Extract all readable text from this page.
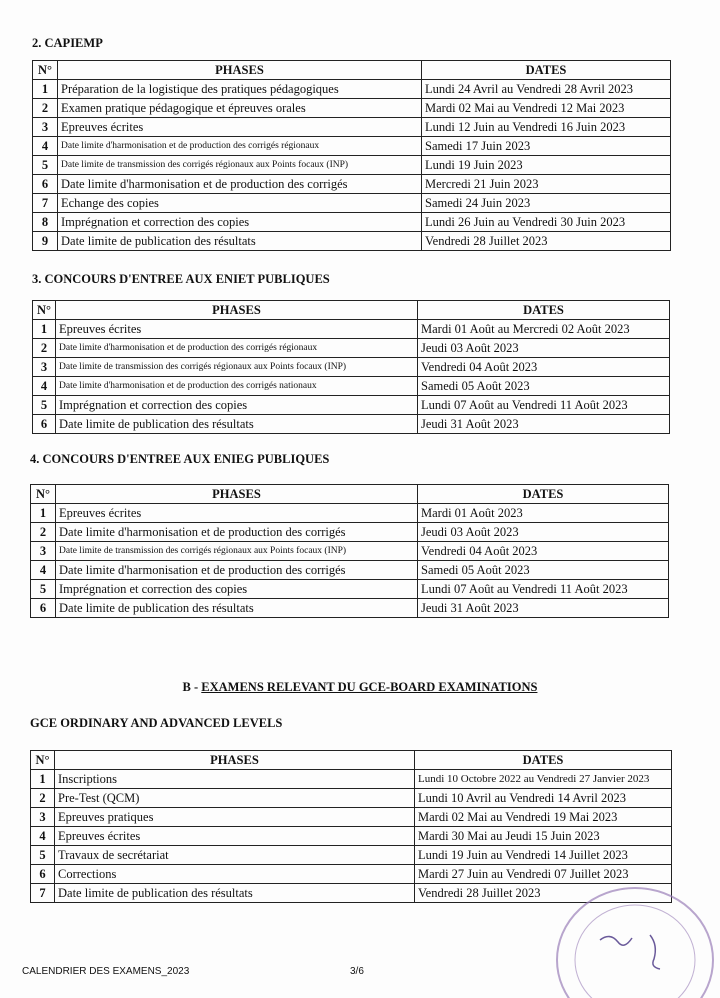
2. CAPIEMP
N°	PHASES	DATES
1	Préparation de la logistique des pratiques pédagogiques	Lundi 24 Avril au Vendredi 28 Avril 2023
2	Examen pratique pédagogique et épreuves orales	Mardi 02 Mai au Vendredi 12 Mai 2023
3	Epreuves écrites	Lundi 12 Juin au Vendredi 16 Juin 2023
4	Date limite d'harmonisation et de production des corrigés régionaux	Samedi 17 Juin 2023
5	Date limite de transmission des corrigés régionaux aux Points focaux (INP)	Lundi 19 Juin 2023
6	Date limite d'harmonisation et de production des corrigés	Mercredi 21 Juin 2023
7	Echange des copies	Samedi 24 Juin 2023
8	Imprégnation et correction des copies	Lundi 26 Juin au Vendredi 30 Juin 2023
9	Date limite de publication des résultats	Vendredi 28 Juillet 2023
3. CONCOURS D'ENTREE AUX ENIET PUBLIQUES
N°	PHASES	DATES
1	Epreuves écrites	Mardi 01 Août au Mercredi 02 Août 2023
2	Date limite d'harmonisation et de production des corrigés régionaux	Jeudi 03 Août 2023
3	Date limite de transmission des corrigés régionaux aux Points focaux (INP)	Vendredi 04 Août 2023
4	Date limite d'harmonisation et de production des corrigés nationaux	Samedi 05 Août 2023
5	Imprégnation et correction des copies	Lundi 07 Août au Vendredi 11 Août 2023
6	Date limite de publication des résultats	Jeudi 31 Août 2023
4. CONCOURS D'ENTREE AUX ENIEG PUBLIQUES
N°	PHASES	DATES
1	Epreuves écrites	Mardi 01 Août 2023
2	Date limite d'harmonisation et de production des corrigés	Jeudi 03 Août 2023
3	Date limite de transmission des corrigés régionaux aux Points focaux (INP)	Vendredi 04 Août 2023
4	Date limite d'harmonisation et de production des corrigés	Samedi 05 Août 2023
5	Imprégnation et correction des copies	Lundi 07 Août au Vendredi 11 Août 2023
6	Date limite de publication des résultats	Jeudi 31 Août 2023
B - EXAMENS RELEVANT DU GCE-BOARD EXAMINATIONS
GCE ORDINARY AND ADVANCED LEVELS
N°	PHASES	DATES
1	Inscriptions	Lundi 10 Octobre 2022 au Vendredi 27 Janvier 2023
2	Pre-Test (QCM)	Lundi 10 Avril au Vendredi 14 Avril 2023
3	Epreuves pratiques	Mardi 02 Mai au Vendredi 19 Mai 2023
4	Epreuves écrites	Mardi 30 Mai au Jeudi 15 Juin 2023
5	Travaux de secrétariat	Lundi 19 Juin au Vendredi 14 Juillet 2023
6	Corrections	Mardi 27 Juin au Vendredi 07 Juillet 2023
7	Date limite de publication des résultats	Vendredi 28 Juillet 2023
CALENDRIER DES EXAMENS_2023	3/6
